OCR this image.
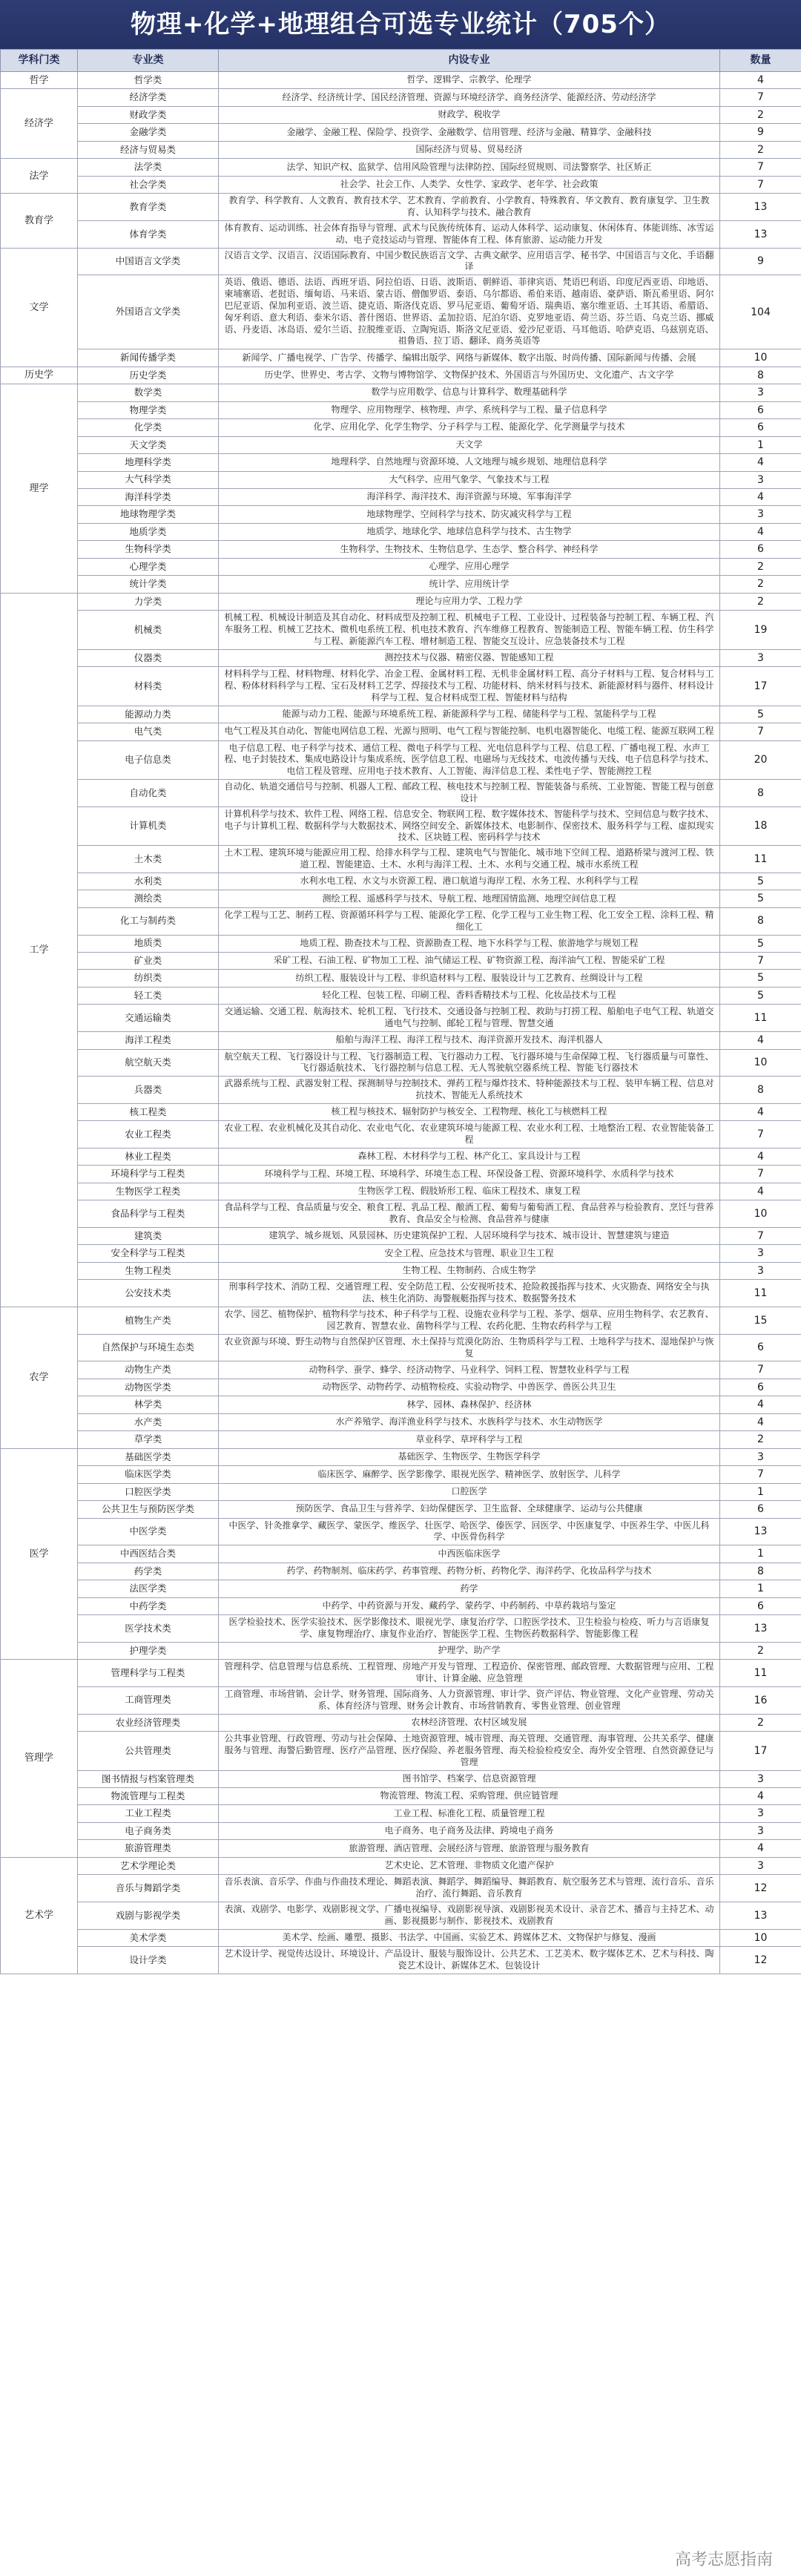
物理+化学+地理组合可选专业统计（705个）
学科门类	专业类	内设专业	数量
哲学	哲学类	哲学、逻辑学、宗教学、伦理学	4
经济学	经济学类	经济学、经济统计学、国民经济管理、资源与环境经济学、商务经济学、能源经济、劳动经济学	7
	财政学类	财政学、税收学	2
	金融学类	金融学、金融工程、保险学、投资学、金融数学、信用管理、经济与金融、精算学、金融科技	9
	经济与贸易类	国际经济与贸易、贸易经济	2
法学	法学类	法学、知识产权、监狱学、信用风险管理与法律防控、国际经贸规则、司法警察学、社区矫正	7
	社会学类	社会学、社会工作、人类学、女性学、家政学、老年学、社会政策	7
教育学	教育学类	教育学、科学教育、人文教育、教育技术学、艺术教育、学前教育、小学教育、特殊教育、华文教育、教育康复学、卫生教育、认知科学与技术、融合教育	13
	体育学类	体育教育、运动训练、社会体育指导与管理、武术与民族传统体育、运动人体科学、运动康复、休闲体育、体能训练、冰雪运动、电子竞技运动与管理、智能体育工程、体育旅游、运动能力开发	13
文学	中国语言文学类	汉语言文学、汉语言、汉语国际教育、中国少数民族语言文学、古典文献学、应用语言学、秘书学、中国语言与文化、手语翻译	9
	外国语言文学类	英语、俄语、德语、法语、西班牙语、阿拉伯语、日语、波斯语、朝鲜语、菲律宾语、梵语巴利语、印度尼西亚语、印地语、柬埔寨语、老挝语、缅甸语、马来语、蒙古语、僧伽罗语、泰语、乌尔都语、希伯来语、越南语、豪萨语、斯瓦希里语、阿尔巴尼亚语、保加利亚语、波兰语、捷克语、斯洛伐克语、罗马尼亚语、葡萄牙语、瑞典语、塞尔维亚语、土耳其语、希腊语、匈牙利语、意大利语、泰米尔语、普什图语、世界语、孟加拉语、尼泊尔语、克罗地亚语、荷兰语、芬兰语、乌克兰语、挪威语、丹麦语、冰岛语、爱尔兰语、拉脱维亚语、立陶宛语、斯洛文尼亚语、爱沙尼亚语、马耳他语、哈萨克语、乌兹别克语、祖鲁语、拉丁语、翻译、商务英语等	104
	新闻传播学类	新闻学、广播电视学、广告学、传播学、编辑出版学、网络与新媒体、数字出版、时尚传播、国际新闻与传播、会展	10
历史学	历史学类	历史学、世界史、考古学、文物与博物馆学、文物保护技术、外国语言与外国历史、文化遗产、古文字学	8
理学	数学类	数学与应用数学、信息与计算科学、数理基础科学	3
	物理学类	物理学、应用物理学、核物理、声学、系统科学与工程、量子信息科学	6
	化学类	化学、应用化学、化学生物学、分子科学与工程、能源化学、化学测量学与技术	6
	天文学类	天文学	1
	地理科学类	地理科学、自然地理与资源环境、人文地理与城乡规划、地理信息科学	4
	大气科学类	大气科学、应用气象学、气象技术与工程	3
	海洋科学类	海洋科学、海洋技术、海洋资源与环境、军事海洋学	4
	地球物理学类	地球物理学、空间科学与技术、防灾减灾科学与工程	3
	地质学类	地质学、地球化学、地球信息科学与技术、古生物学	4
	生物科学类	生物科学、生物技术、生物信息学、生态学、整合科学、神经科学	6
	心理学类	心理学、应用心理学	2
	统计学类	统计学、应用统计学	2
工学	力学类	理论与应用力学、工程力学	2
	机械类	机械工程、机械设计制造及其自动化、材料成型及控制工程、机械电子工程、工业设计、过程装备与控制工程、车辆工程、汽车服务工程、机械工艺技术、微机电系统工程、机电技术教育、汽车维修工程教育、智能制造工程、智能车辆工程、仿生科学与工程、新能源汽车工程、增材制造工程、智能交互设计、应急装备技术与工程	19
	仪器类	测控技术与仪器、精密仪器、智能感知工程	3
	材料类	材料科学与工程、材料物理、材料化学、冶金工程、金属材料工程、无机非金属材料工程、高分子材料与工程、复合材料与工程、粉体材料科学与工程、宝石及材料工艺学、焊接技术与工程、功能材料、纳米材料与技术、新能源材料与器件、材料设计科学与工程、复合材料成型工程、智能材料与结构	17
	能源动力类	能源与动力工程、能源与环境系统工程、新能源科学与工程、储能科学与工程、氢能科学与工程	5
	电气类	电气工程及其自动化、智能电网信息工程、光源与照明、电气工程与智能控制、电机电器智能化、电缆工程、能源互联网工程	7
	电子信息类	电子信息工程、电子科学与技术、通信工程、微电子科学与工程、光电信息科学与工程、信息工程、广播电视工程、水声工程、电子封装技术、集成电路设计与集成系统、医学信息工程、电磁场与无线技术、电波传播与天线、电子信息科学与技术、电信工程及管理、应用电子技术教育、人工智能、海洋信息工程、柔性电子学、智能测控工程	20
	自动化类	自动化、轨道交通信号与控制、机器人工程、邮政工程、核电技术与控制工程、智能装备与系统、工业智能、智能工程与创意设计	8
	计算机类	计算机科学与技术、软件工程、网络工程、信息安全、物联网工程、数字媒体技术、智能科学与技术、空间信息与数字技术、电子与计算机工程、数据科学与大数据技术、网络空间安全、新媒体技术、电影制作、保密技术、服务科学与工程、虚拟现实技术、区块链工程、密码科学与技术	18
	土木类	土木工程、建筑环境与能源应用工程、给排水科学与工程、建筑电气与智能化、城市地下空间工程、道路桥梁与渡河工程、铁道工程、智能建造、土木、水利与海洋工程、土木、水利与交通工程、城市水系统工程	11
	水利类	水利水电工程、水文与水资源工程、港口航道与海岸工程、水务工程、水利科学与工程	5
	测绘类	测绘工程、遥感科学与技术、导航工程、地理国情监测、地理空间信息工程	5
	化工与制药类	化学工程与工艺、制药工程、资源循环科学与工程、能源化学工程、化学工程与工业生物工程、化工安全工程、涂料工程、精细化工	8
	地质类	地质工程、勘查技术与工程、资源勘查工程、地下水科学与工程、旅游地学与规划工程	5
	矿业类	采矿工程、石油工程、矿物加工工程、油气储运工程、矿物资源工程、海洋油气工程、智能采矿工程	7
	纺织类	纺织工程、服装设计与工程、非织造材料与工程、服装设计与工艺教育、丝绸设计与工程	5
	轻工类	轻化工程、包装工程、印刷工程、香料香精技术与工程、化妆品技术与工程	5
	交通运输类	交通运输、交通工程、航海技术、轮机工程、飞行技术、交通设备与控制工程、救助与打捞工程、船舶电子电气工程、轨道交通电气与控制、邮轮工程与管理、智慧交通	11
	海洋工程类	船舶与海洋工程、海洋工程与技术、海洋资源开发技术、海洋机器人	4
	航空航天类	航空航天工程、飞行器设计与工程、飞行器制造工程、飞行器动力工程、飞行器环境与生命保障工程、飞行器质量与可靠性、飞行器适航技术、飞行器控制与信息工程、无人驾驶航空器系统工程、智能飞行器技术	10
	兵器类	武器系统与工程、武器发射工程、探测制导与控制技术、弹药工程与爆炸技术、特种能源技术与工程、装甲车辆工程、信息对抗技术、智能无人系统技术	8
	核工程类	核工程与核技术、辐射防护与核安全、工程物理、核化工与核燃料工程	4
	农业工程类	农业工程、农业机械化及其自动化、农业电气化、农业建筑环境与能源工程、农业水利工程、土地整治工程、农业智能装备工程	7
	林业工程类	森林工程、木材科学与工程、林产化工、家具设计与工程	4
	环境科学与工程类	环境科学与工程、环境工程、环境科学、环境生态工程、环保设备工程、资源环境科学、水质科学与技术	7
	生物医学工程类	生物医学工程、假肢矫形工程、临床工程技术、康复工程	4
	食品科学与工程类	食品科学与工程、食品质量与安全、粮食工程、乳品工程、酿酒工程、葡萄与葡萄酒工程、食品营养与检验教育、烹饪与营养教育、食品安全与检测、食品营养与健康	10
	建筑类	建筑学、城乡规划、风景园林、历史建筑保护工程、人居环境科学与技术、城市设计、智慧建筑与建造	7
	安全科学与工程类	安全工程、应急技术与管理、职业卫生工程	3
	生物工程类	生物工程、生物制药、合成生物学	3
	公安技术类	刑事科学技术、消防工程、交通管理工程、安全防范工程、公安视听技术、抢险救援指挥与技术、火灾勘查、网络安全与执法、核生化消防、海警舰艇指挥与技术、数据警务技术	11
农学	植物生产类	农学、园艺、植物保护、植物科学与技术、种子科学与工程、设施农业科学与工程、茶学、烟草、应用生物科学、农艺教育、园艺教育、智慧农业、菌物科学与工程、农药化肥、生物农药科学与工程	15
	自然保护与环境生态类	农业资源与环境、野生动物与自然保护区管理、水土保持与荒漠化防治、生物质科学与工程、土地科学与技术、湿地保护与恢复	6
	动物生产类	动物科学、蚕学、蜂学、经济动物学、马业科学、饲料工程、智慧牧业科学与工程	7
	动物医学类	动物医学、动物药学、动植物检疫、实验动物学、中兽医学、兽医公共卫生	6
	林学类	林学、园林、森林保护、经济林	4
	水产类	水产养殖学、海洋渔业科学与技术、水族科学与技术、水生动物医学	4
	草学类	草业科学、草坪科学与工程	2
医学	基础医学类	基础医学、生物医学、生物医学科学	3
	临床医学类	临床医学、麻醉学、医学影像学、眼视光医学、精神医学、放射医学、儿科学	7
	口腔医学类	口腔医学	1
	公共卫生与预防医学类	预防医学、食品卫生与营养学、妇幼保健医学、卫生监督、全球健康学、运动与公共健康	6
	中医学类	中医学、针灸推拿学、藏医学、蒙医学、维医学、壮医学、哈医学、傣医学、回医学、中医康复学、中医养生学、中医儿科学、中医骨伤科学	13
	中西医结合类	中西医临床医学	1
	药学类	药学、药物制剂、临床药学、药事管理、药物分析、药物化学、海洋药学、化妆品科学与技术	8
	法医学类	药学	1
	中药学类	中药学、中药资源与开发、藏药学、蒙药学、中药制药、中草药栽培与鉴定	6
	医学技术类	医学检验技术、医学实验技术、医学影像技术、眼视光学、康复治疗学、口腔医学技术、卫生检验与检疫、听力与言语康复学、康复物理治疗、康复作业治疗、智能医学工程、生物医药数据科学、智能影像工程	13
	护理学类	护理学、助产学	2
管理学	管理科学与工程类	管理科学、信息管理与信息系统、工程管理、房地产开发与管理、工程造价、保密管理、邮政管理、大数据管理与应用、工程审计、计算金融、应急管理	11
	工商管理类	工商管理、市场营销、会计学、财务管理、国际商务、人力资源管理、审计学、资产评估、物业管理、文化产业管理、劳动关系、体育经济与管理、财务会计教育、市场营销教育、零售业管理、创业管理	16
	农业经济管理类	农林经济管理、农村区域发展	2
	公共管理类	公共事业管理、行政管理、劳动与社会保障、土地资源管理、城市管理、海关管理、交通管理、海事管理、公共关系学、健康服务与管理、海警后勤管理、医疗产品管理、医疗保险、养老服务管理、海关检验检疫安全、海外安全管理、自然资源登记与管理	17
	图书情报与档案管理类	图书馆学、档案学、信息资源管理	3
	物流管理与工程类	物流管理、物流工程、采购管理、供应链管理	4
	工业工程类	工业工程、标准化工程、质量管理工程	3
	电子商务类	电子商务、电子商务及法律、跨境电子商务	3
	旅游管理类	旅游管理、酒店管理、会展经济与管理、旅游管理与服务教育	4
艺术学	艺术学理论类	艺术史论、艺术管理、非物质文化遗产保护	3
	音乐与舞蹈学类	音乐表演、音乐学、作曲与作曲技术理论、舞蹈表演、舞蹈学、舞蹈编导、舞蹈教育、航空服务艺术与管理、流行音乐、音乐治疗、流行舞蹈、音乐教育	12
	戏剧与影视学类	表演、戏剧学、电影学、戏剧影视文学、广播电视编导、戏剧影视导演、戏剧影视美术设计、录音艺术、播音与主持艺术、动画、影视摄影与制作、影视技术、戏剧教育	13
	美术学类	美术学、绘画、雕塑、摄影、书法学、中国画、实验艺术、跨媒体艺术、文物保护与修复、漫画	10
	设计学类	艺术设计学、视觉传达设计、环境设计、产品设计、服装与服饰设计、公共艺术、工艺美术、数字媒体艺术、艺术与科技、陶瓷艺术设计、新媒体艺术、包装设计	12
高考志愿指南
